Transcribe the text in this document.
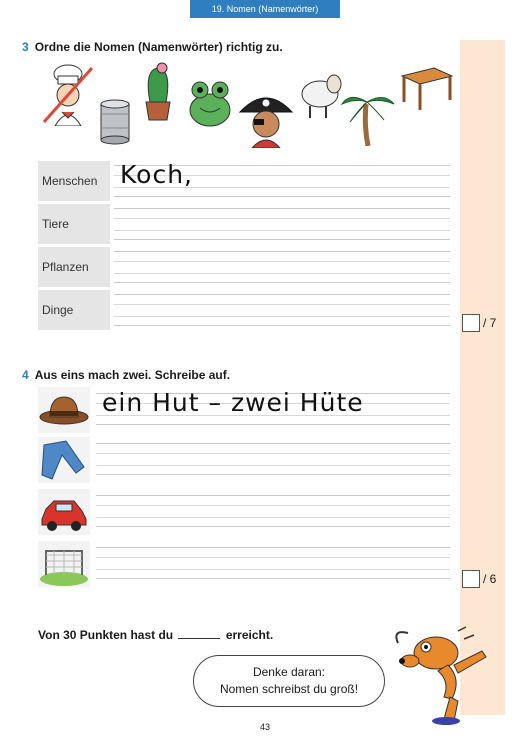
19. Nomen (Namenwörter)
3 Ordne die Nomen (Namenwörter) richtig zu.
Menschen Koch,
Tiere
Pflanzen
Dinge
/ 7
4 Aus eins mach zwei. Schreibe auf.
ein Hut – zwei Hüte
/ 6
Von 30 Punkten hast du	erreicht.
Denke daran:
Nomen schreibst du groß!
43
